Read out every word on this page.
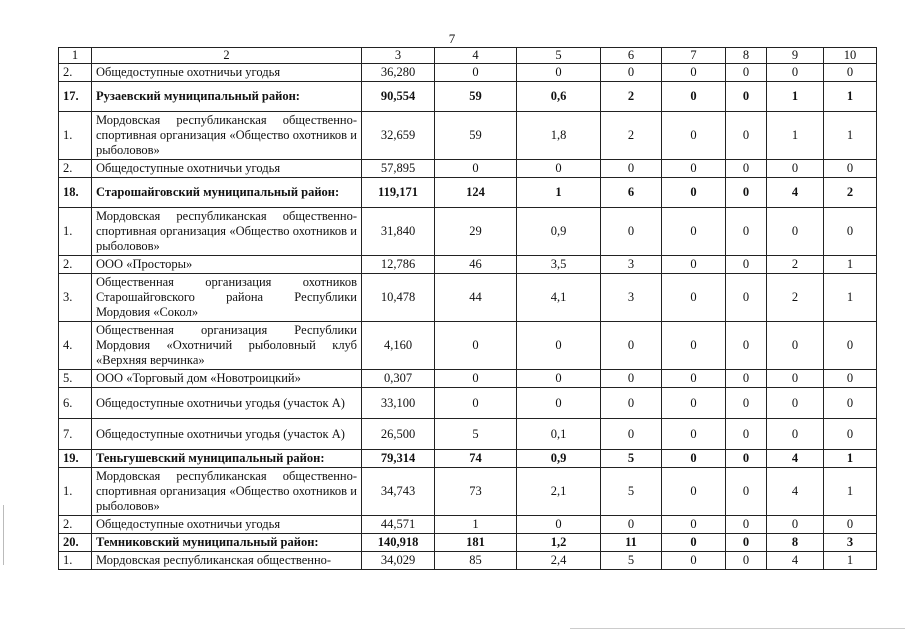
7
1	2	3	4	5	6	7	8	9	10
2.	Общедоступные охотничьи угодья	36,280	0	0	0	0	0	0	0
17.	Рузаевский муниципальный район:	90,554	59	0,6	2	0	0	1	1
1.	Мордовская республиканская общественно-спортивная организация «Общество охотников и рыболовов»	32,659	59	1,8	2	0	0	1	1
2.	Общедоступные охотничьи угодья	57,895	0	0	0	0	0	0	0
18.	Старошайговский муниципальный район:	119,171	124	1	6	0	0	4	2
1.	Мордовская республиканская общественно-спортивная организация «Общество охотников и рыболовов»	31,840	29	0,9	0	0	0	0	0
2.	ООО «Просторы»	12,786	46	3,5	3	0	0	2	1
3.	Общественная организация охотников Старошайговского района Республики Мордовия «Сокол»	10,478	44	4,1	3	0	0	2	1
4.	Общественная организация Республики Мордовия «Охотничий рыболовный клуб «Верхняя верчинка»	4,160	0	0	0	0	0	0	0
5.	ООО «Торговый дом «Новотроицкий»	0,307	0	0	0	0	0	0	0
6.	Общедоступные охотничьи угодья (участок А)	33,100	0	0	0	0	0	0	0
7.	Общедоступные охотничьи угодья (участок А)	26,500	5	0,1	0	0	0	0	0
19.	Теньгушевский муниципальный район:	79,314	74	0,9	5	0	0	4	1
1.	Мордовская республиканская общественно-спортивная организация «Общество охотников и рыболовов»	34,743	73	2,1	5	0	0	4	1
2.	Общедоступные охотничьи угодья	44,571	1	0	0	0	0	0	0
20.	Темниковский муниципальный район:	140,918	181	1,2	11	0	0	8	3
1.	Мордовская республиканская общественно-	34,029	85	2,4	5	0	0	4	1
